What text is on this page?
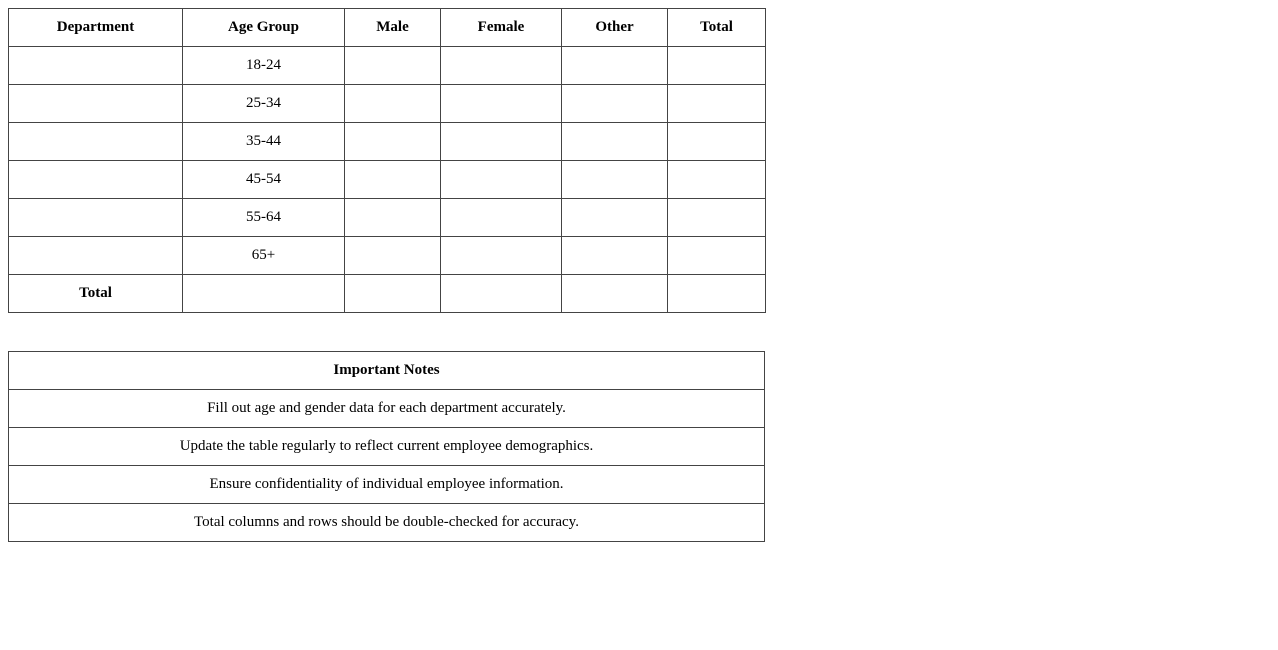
Department	Age Group	Male	Female	Other	Total
	18-24				
	25-34				
	35-44				
	45-54				
	55-64				
	65+				
Total					
Important Notes
Fill out age and gender data for each department accurately.
Update the table regularly to reflect current employee demographics.
Ensure confidentiality of individual employee information.
Total columns and rows should be double-checked for accuracy.
